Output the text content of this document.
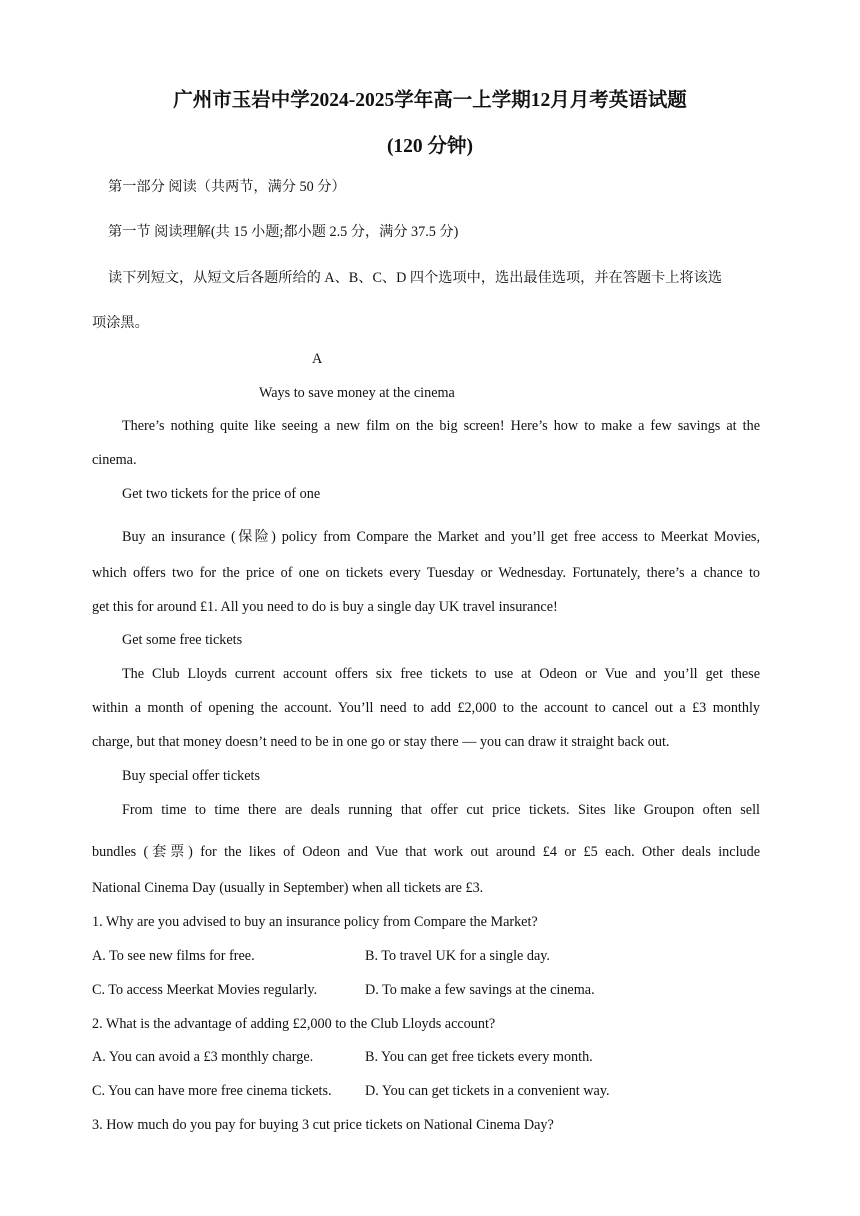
广州市玉岩中学2024-2025学年高一上学期12月月考英语试题
(120 分钟)
第一部分 阅读（共两节，满分 50 分）
第一节 阅读理解(共 15 小题;都小题 2.5 分，满分 37.5 分)
读下列短文，从短文后各题所给的 A、B、C、D 四个选项中，选出最佳选项，并在答题卡上将该选
项涂黑。
A
Ways to save money at the cinema
There’s nothing quite like seeing a new film on the big screen! Here’s how to make a few savings at the
cinema.
Get two tickets for the price of one
Buy an insurance (保险) policy from Compare the Market and you’ll get free access to Meerkat Movies,
which offers two for the price of one on tickets every Tuesday or Wednesday. Fortunately, there’s a chance to
get this for around £1. All you need to do is buy a single day UK travel insurance!
Get some free tickets
The Club Lloyds current account offers six free tickets to use at Odeon or Vue and you’ll get these
within a month of opening the account. You’ll need to add £2,000 to the account to cancel out a £3 monthly
charge, but that money doesn’t need to be in one go or stay there — you can draw it straight back out.
Buy special offer tickets
From time to time there are deals running that offer cut price tickets. Sites like Groupon often sell
bundles (套票) for the likes of Odeon and Vue that work out around £4 or £5 each. Other deals include
National Cinema Day (usually in September) when all tickets are £3.
1. Why are you advised to buy an insurance policy from Compare the Market?
A. To see new films for free.	B. To travel UK for a single day.
C. To access Meerkat Movies regularly.	D. To make a few savings at the cinema.
2. What is the advantage of adding £2,000 to the Club Lloyds account?
A. You can avoid a £3 monthly charge.	B. You can get free tickets every month.
C. You can have more free cinema tickets. D. You can get tickets in a convenient way.
3. How much do you pay for buying 3 cut price tickets on National Cinema Day?
